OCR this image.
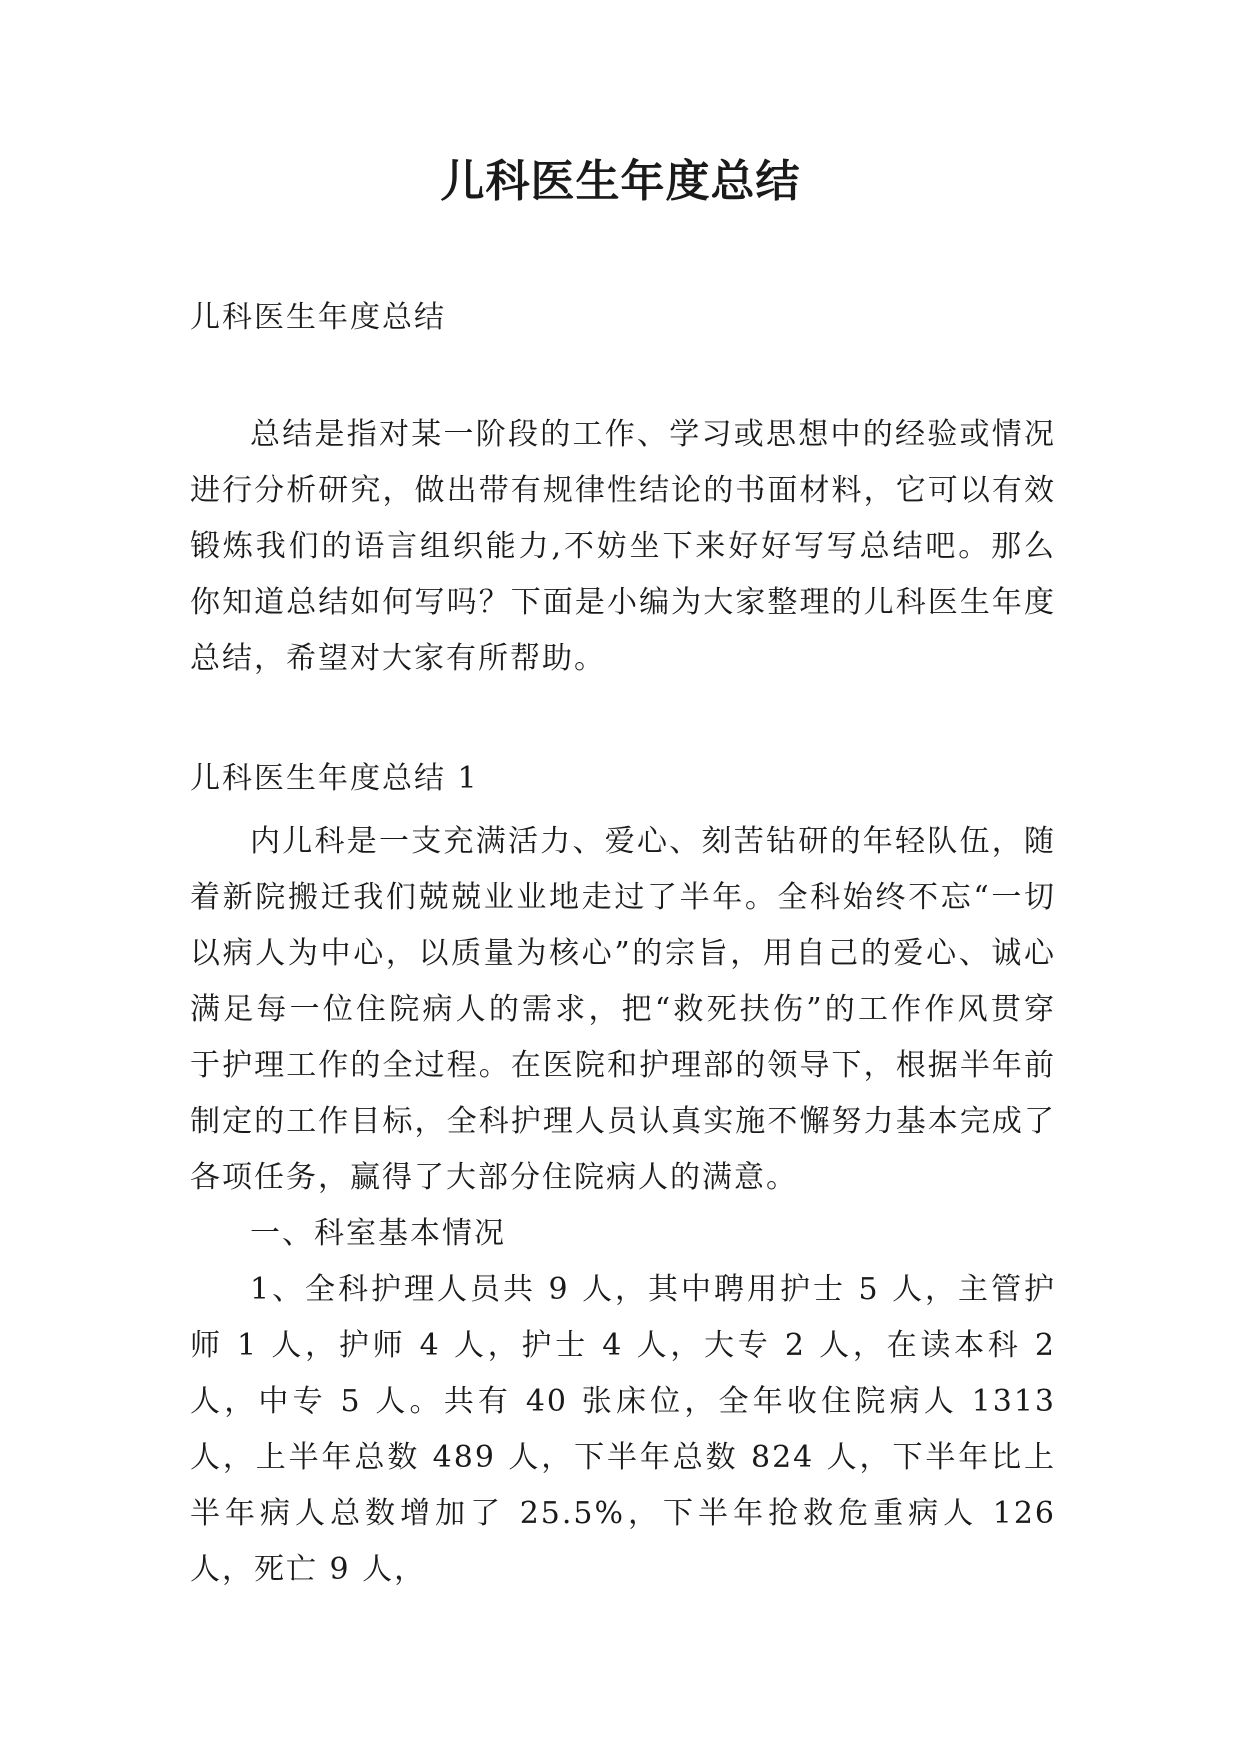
儿科医生年度总结
儿科医生年度总结

总结是指对某一阶段的工作、学习或思想中的经验或情况进行分析研究，做出带有规律性结论的书面材料，它可以有效锻炼我们的语言组织能力,不妨坐下来好好写写总结吧。那么你知道总结如何写吗？下面是小编为大家整理的儿科医生年度总结，希望对大家有所帮助。

儿科医生年度总结 1

内儿科是一支充满活力、爱心、刻苦钻研的年轻队伍，随着新院搬迁我们兢兢业业地走过了半年。全科始终不忘“一切以病人为中心，以质量为核心”的宗旨，用自己的爱心、诚心满足每一位住院病人的需求，把“救死扶伤”的工作作风贯穿于护理工作的全过程。在医院和护理部的领导下，根据半年前制定的工作目标，全科护理人员认真实施不懈努力基本完成了各项任务，赢得了大部分住院病人的满意。

一、科室基本情况

1、全科护理人员共 9 人，其中聘用护士 5 人，主管护师 1 人，护师 4 人，护士 4 人，大专 2 人，在读本科 2 人，中专 5 人。共有 40 张床位，全年收住院病人 1313 人，上半年总数 489 人，下半年总数 824 人，下半年比上半年病人总数增加了 25.5%，下半年抢救危重病人 126 人，死亡 9 人，
